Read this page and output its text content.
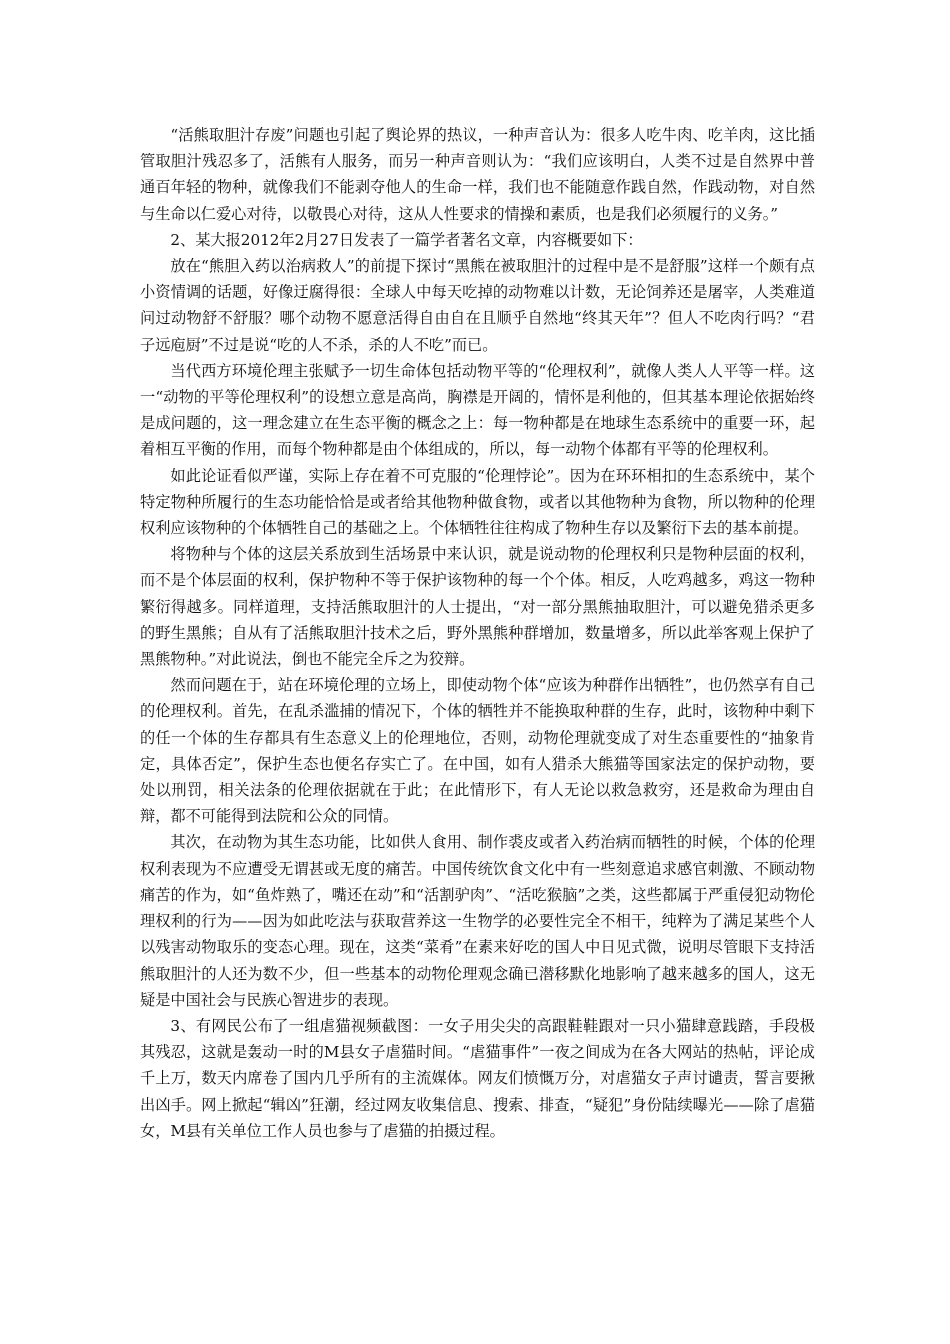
“活熊取胆汁存废”问题也引起了舆论界的热议，一种声音认为：很多人吃牛肉、吃羊肉，这比插管取胆汁残忍多了，活熊有人服务，而另一种声音则认为：“我们应该明白，人类不过是自然界中普通百年轻的物种，就像我们不能剥夺他人的生命一样，我们也不能随意作践自然，作践动物，对自然与生命以仁爱心对待，以敬畏心对待，这从人性要求的情操和素质，也是我们必须履行的义务。”

2、某大报2012年2月27日发表了一篇学者著名文章，内容概要如下：

放在“熊胆入药以治病救人”的前提下探讨“黑熊在被取胆汁的过程中是不是舒服”这样一个颇有点小资情调的话题，好像迂腐得很：全球人中每天吃掉的动物难以计数，无论饲养还是屠宰，人类难道问过动物舒不舒服？哪个动物不愿意活得自由自在且顺乎自然地“终其天年”？但人不吃肉行吗？“君子远庖厨”不过是说“吃的人不杀，杀的人不吃”而已。

当代西方环境伦理主张赋予一切生命体包括动物平等的“伦理权利”，就像人类人人平等一样。这一“动物的平等伦理权利”的设想立意是高尚，胸襟是开阔的，情怀是利他的，但其基本理论依据始终是成问题的，这一理念建立在生态平衡的概念之上：每一物种都是在地球生态系统中的重要一环，起着相互平衡的作用，而每个物种都是由个体组成的，所以，每一动物个体都有平等的伦理权利。

如此论证看似严谨，实际上存在着不可克服的“伦理悖论”。因为在环环相扣的生态系统中，某个特定物种所履行的生态功能恰恰是或者给其他物种做食物，或者以其他物种为食物，所以物种的伦理权利应该物种的个体牺牲自己的基础之上。个体牺牲往往构成了物种生存以及繁衍下去的基本前提。

将物种与个体的这层关系放到生活场景中来认识，就是说动物的伦理权利只是物种层面的权利，而不是个体层面的权利，保护物种不等于保护该物种的每一个个体。相反，人吃鸡越多，鸡这一物种繁衍得越多。同样道理，支持活熊取胆汁的人士提出，“对一部分黑熊抽取胆汁，可以避免猎杀更多的野生黑熊；自从有了活熊取胆汁技术之后，野外黑熊种群增加，数量增多，所以此举客观上保护了黑熊物种。”对此说法，倒也不能完全斥之为狡辩。

然而问题在于，站在环境伦理的立场上，即使动物个体“应该为种群作出牺牲”，也仍然享有自己的伦理权利。首先，在乱杀滥捕的情况下，个体的牺牲并不能换取种群的生存，此时，该物种中剩下的任一个体的生存都具有生态意义上的伦理地位，否则，动物伦理就变成了对生态重要性的“抽象肯定，具体否定”，保护生态也便名存实亡了。在中国，如有人猎杀大熊猫等国家法定的保护动物，要处以刑罚，相关法条的伦理依据就在于此；在此情形下，有人无论以救急救穷，还是救命为理由自辩，都不可能得到法院和公众的同情。

其次，在动物为其生态功能，比如供人食用、制作裘皮或者入药治病而牺牲的时候，个体的伦理权利表现为不应遭受无谓甚或无度的痛苦。中国传统饮食文化中有一些刻意追求感官刺激、不顾动物痛苦的作为，如“鱼炸熟了，嘴还在动”和“活割驴肉”、“活吃猴脑”之类，这些都属于严重侵犯动物伦理权利的行为——因为如此吃法与获取营养这一生物学的必要性完全不相干，纯粹为了满足某些个人以残害动物取乐的变态心理。现在，这类“菜肴”在素来好吃的国人中日见式微，说明尽管眼下支持活熊取胆汁的人还为数不少，但一些基本的动物伦理观念确已潜移默化地影响了越来越多的国人，这无疑是中国社会与民族心智进步的表现。

3、有网民公布了一组虐猫视频截图：一女子用尖尖的高跟鞋鞋跟对一只小猫肆意践踏，手段极其残忍，这就是轰动一时的M县女子虐猫时间。“虐猫事件”一夜之间成为在各大网站的热帖，评论成千上万，数天内席卷了国内几乎所有的主流媒体。网友们愤慨万分，对虐猫女子声讨谴责，誓言要揪出凶手。网上掀起“辑凶”狂潮，经过网友收集信息、搜索、排查，“疑犯”身份陆续曝光——除了虐猫女，M县有关单位工作人员也参与了虐猫的拍摄过程。
